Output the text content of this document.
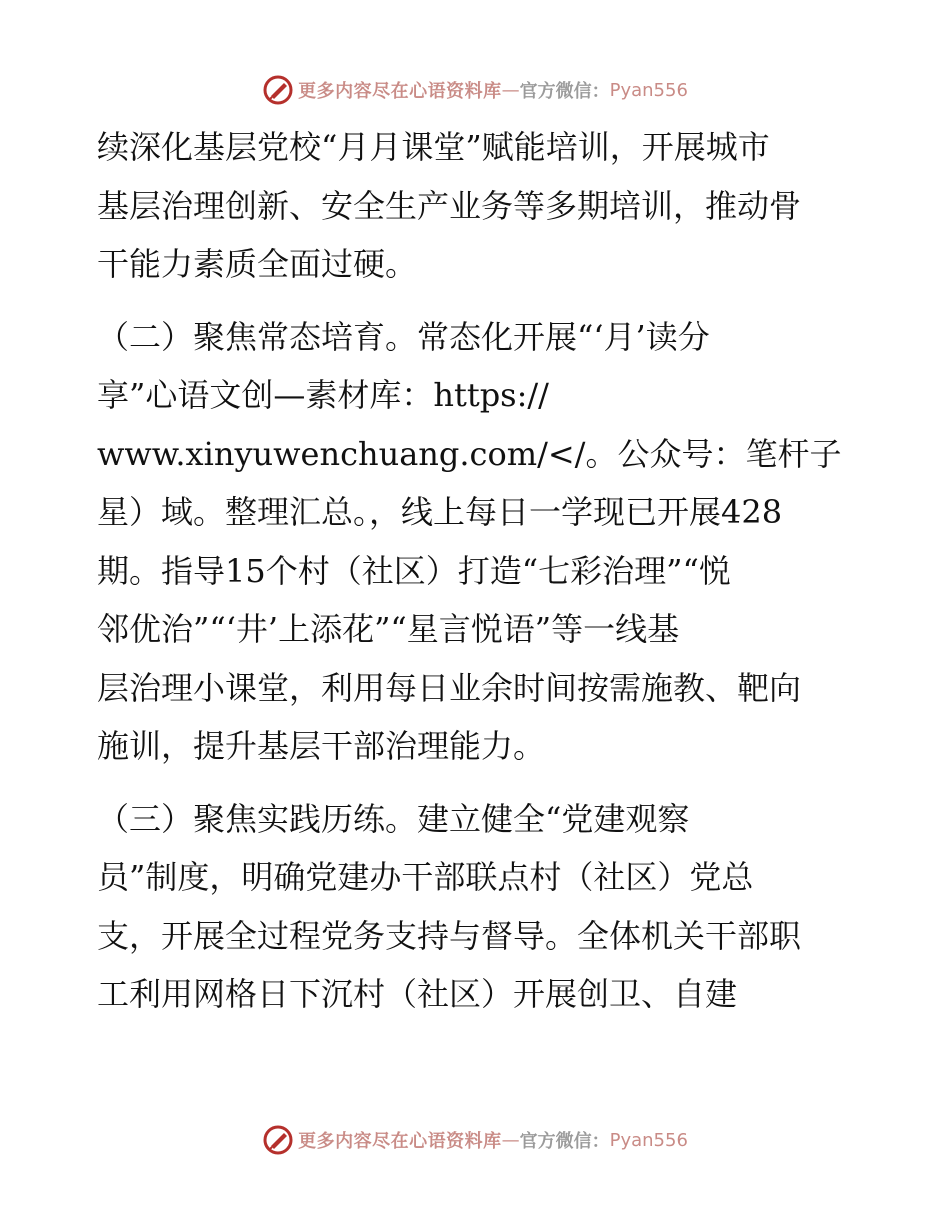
更多内容尽在心语资料库 — 官方微信： Pyan556
续深化基层党校“月月课堂”赋能培训，开展城市
基层治理创新、安全生产业务等多期培训，推动骨
干能力素质全面过硬。
（二）聚焦常态培育。常态化开展“‘月’读分
享”心语文创—素材库：https://
www.xinyuwenchuang.com/</。公众号：笔杆子
星）域。整理汇总。，线上每日一学现已开展428
期。指导15个村（社区）打造“七彩治理”“悦
邻优治”“‘井’上添花”“星言悦语”等一线基
层治理小课堂，利用每日业余时间按需施教、靶向
施训，提升基层干部治理能力。
（三）聚焦实践历练。建立健全“党建观察
员”制度，明确党建办干部联点村（社区）党总
支，开展全过程党务支持与督导。全体机关干部职
工利用网格日下沉村（社区）开展创卫、自建
更多内容尽在心语资料库 — 官方微信： Pyan556
